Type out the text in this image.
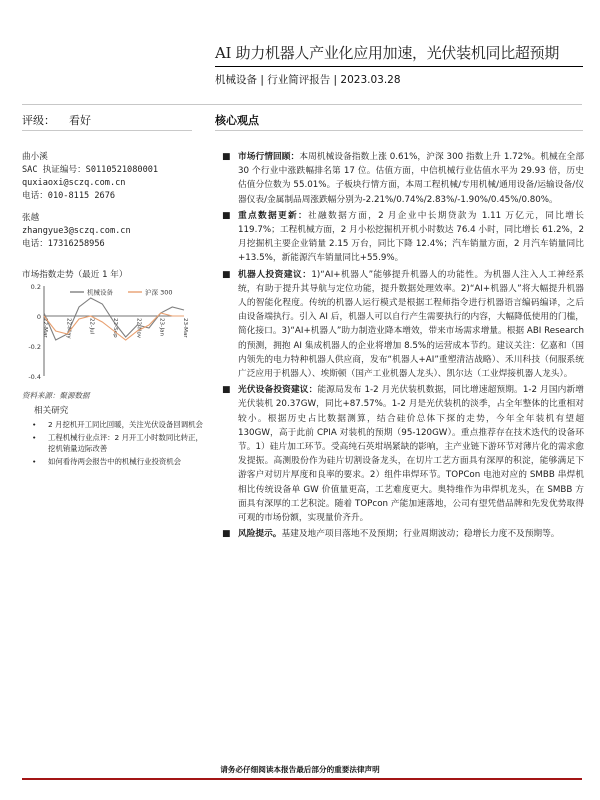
AI 助力机器人产业化应用加速，光伏装机同比超预期
机械设备 | 行业简评报告 | 2023.03.28
评级： 看好	核心观点
曲小溪
SAC 执证编号：S0110521080001
quxiaoxi@sczq.com.cn
电话：010-8115 2676
张越
zhangyue3@sczq.com.cn
电话：17316258956
市场指数走势（最近 1 年）
0.2
0
-0.2
-0.4
22-Mar	22-May	22-Jul	22-Sep	22-Nov	23-Jan	23-Mar
机械设备	沪深 300
资料来源：聚源数据
相关研究
• 2 月挖机开工同比回暖，关注光伏设备回调机会
• 工程机械行业点评：2 月开工小时数同比转正，挖机销量边际改善
• 如何看待两会报告中的机械行业投资机会
■ 市场行情回顾：本周机械设备指数上涨 0.61%，沪深 300 指数上升 1.72%。机械在全部 30 个行业中涨跌幅排名第 17 位。估值方面，中信机械行业估值水平为 29.93 倍，历史估值分位数为 55.01%。子板块行情方面，本周工程机械/专用机械/通用设备/运输设备/仪器仪表/金属制品周涨跌幅分别为-2.21%/0.74%/2.83%/-1.90%/0.45%/0.80%。
■ 重点数据更新：社融数据方面，2 月企业中长期贷款为 1.11 万亿元，同比增长 119.7%；工程机械方面，2 月小松挖掘机开机小时数达 76.4 小时，同比增长 61.2%，2 月挖掘机主要企业销量 2.15 万台，同比下降 12.4%；汽车销量方面，2 月汽车销量同比+13.5%，新能源汽车销量同比+55.9%。
■ 机器人投资建议：1)“AI+机器人”能够提升机器人的功能性。为机器人注入人工神经系统，有助于提升其导航与定位功能，提升数据处理效率。2)“AI+机器人”将大幅提升机器人的智能化程度。传统的机器人运行模式是根据工程师指令进行机器语言编码编译，之后由设备端执行。引入 AI 后，机器人可以自行产生需要执行的内容，大幅降低使用的门槛，简化接口。3)“AI+机器人”助力制造业降本增效，带来市场需求增量。根据 ABI Research 的预测，拥抱 AI 集成机器人的企业将增加 8.5%的运营成本节约。建议关注：亿嘉和（国内领先的电力特种机器人供应商，发布“机器人+AI”重塑清洁战略）、禾川科技（伺服系统广泛应用于机器人）、埃斯顿（国产工业机器人龙头）、凯尔达（工业焊接机器人龙头）。
■ 光伏设备投资建议：能源局发布 1-2 月光伏装机数据，同比增速超预期。1-2 月国内新增光伏装机 20.37GW，同比+87.57%。1-2 月是光伏装机的淡季，占全年整体的比重相对较小。根据历史占比数据测算，结合硅价总体下探的走势，今年全年装机有望超 130GW，高于此前 CPIA 对装机的预期（95-120GW）。重点推荐存在技术迭代的设备环节。1）硅片加工环节。受高纯石英坩埚紧缺的影响，主产业链下游环节对薄片化的需求愈发提振。高测股份作为硅片切割设备龙头，在切片工艺方面具有深厚的积淀，能够满足下游客户对切片厚度和良率的要求。2）组件串焊环节。TOPCon 电池对应的 SMBB 串焊机相比传统设备单 GW 价值量更高，工艺难度更大。奥特维作为串焊机龙头，在 SMBB 方面具有深厚的工艺积淀。随着 TOPcon 产能加速落地，公司有望凭借品牌和先发优势取得可观的市场份额，实现量价齐升。
■ 风险提示。基建及地产项目落地不及预期；行业周期波动；稳增长力度不及预期等。
请务必仔细阅读本报告最后部分的重要法律声明
